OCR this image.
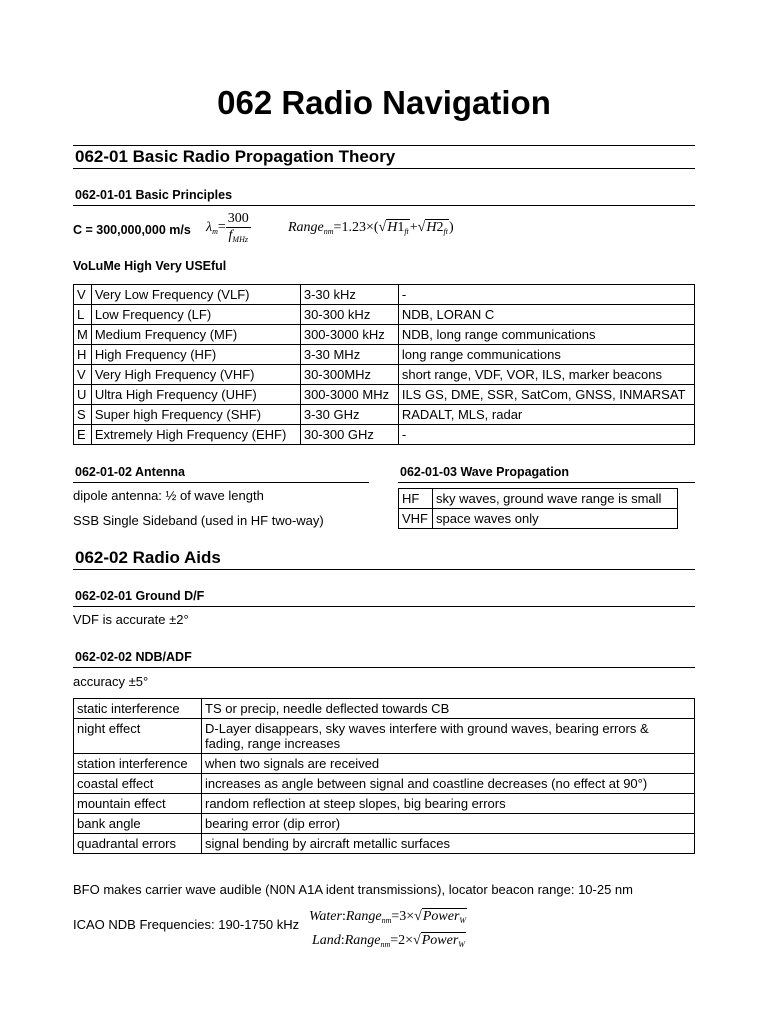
062 Radio Navigation
062-01 Basic Radio Propagation Theory
062-01-01 Basic Principles
C = 300,000,000 m/s $\lambda_m= \frac{300}{f_{MHz}}$	$Range_{nm}=1.23\times(√H1_{ft}+√H2_{ft})$
VoLuMe High Very USEful
V	Very Low Frequency (VLF)	3-30 kHz	-
L	Low Frequency (LF)	30-300 kHz	NDB, LORAN C
M	Medium Frequency (MF)	300-3000 kHz	NDB, long range communications
H	High Frequency (HF)	3-30 MHz	long range communications
V	Very High Frequency (VHF)	30-300MHz	short range, VDF, VOR, ILS, marker beacons
U	Ultra High Frequency (UHF)	300-3000 MHz	ILS GS, DME, SSR, SatCom, GNSS, INMARSAT
S	Super high Frequency (SHF)	3-30 GHz	RADALT, MLS, radar
E	Extremely High Frequency (EHF)	30-300 GHz	-
062-01-02 Antenna
dipole antenna: ½ of wave length
SSB Single Sideband (used in HF two-way)
062-01-03 Wave Propagation
HF	sky waves, ground wave range is small
VHF	space waves only
062-02 Radio Aids
062-02-01 Ground D/F
VDF is accurate ±2°
062-02-02 NDB/ADF
accuracy ±5°
static interference	TS or precip, needle deflected towards CB
night effect	D-Layer disappears, sky waves interfere with ground waves, bearing errors & fading, range increases
station interference	when two signals are received
coastal effect	increases as angle between signal and coastline decreases (no effect at 90°)
mountain effect	random reflection at steep slopes, big bearing errors
bank angle	bearing error (dip error)
quadrantal errors	signal bending by aircraft metallic surfaces
BFO makes carrier wave audible (N0N A1A ident transmissions), locator beacon range: 10-25 nm
ICAO NDB Frequencies: 190-1750 kHz
Water:Range$_{nm}$=3×√Power$_W$
Land:Range$_{nm}$=2×√Power$_W$
